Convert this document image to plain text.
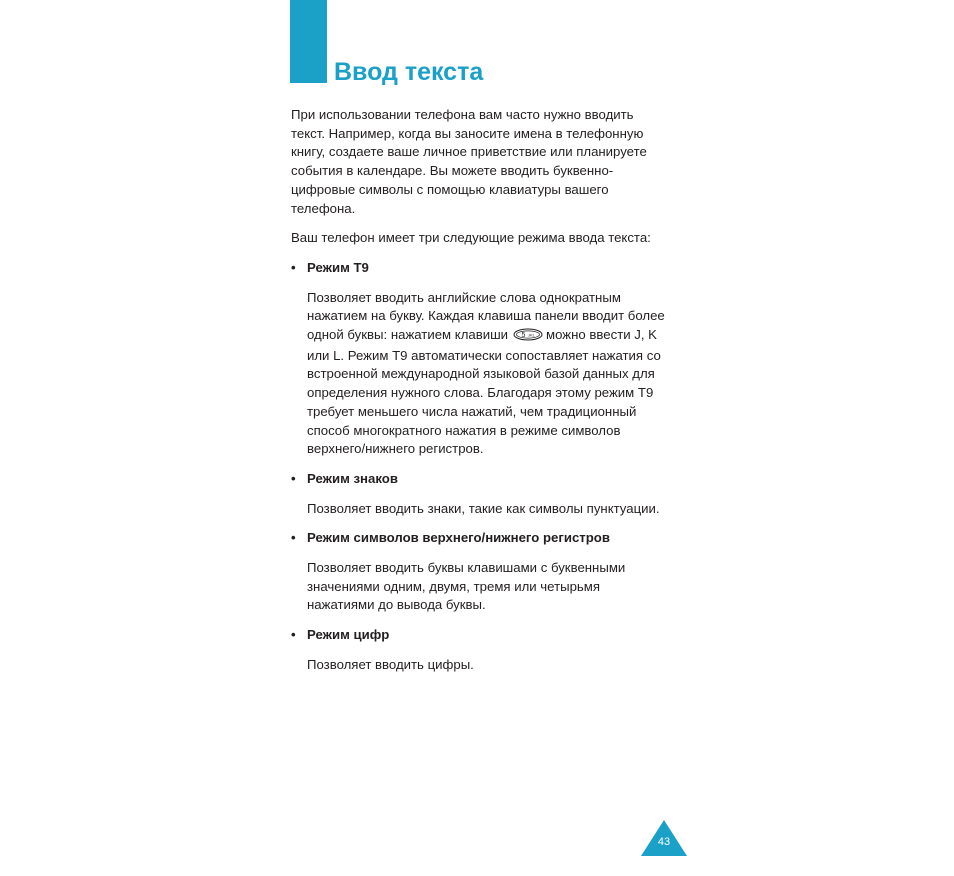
Ввод текста

При использовании телефона вам часто нужно вводить текст. Например, когда вы заносите имена в телефонную книгу, создаете ваше личное приветствие или планируете события в календаре. Вы можете вводить буквенно-цифровые символы с помощью клавиатуры вашего телефона.

Ваш телефон имеет три следующие режима ввода текста:

• Режим T9

Позволяет вводить английские слова однократным нажатием на букву. Каждая клавиша панели вводит более одной буквы: нажатием клавиши 5 JKL можно ввести J, K или L. Режим T9 автоматически сопоставляет нажатия со встроенной международной языковой базой данных для определения нужного слова. Благодаря этому режим T9 требует меньшего числа нажатий, чем традиционный способ многократного нажатия в режиме символов верхнего/нижнего регистров.

• Режим знаков

Позволяет вводить знаки, такие как символы пунктуации.

• Режим символов верхнего/нижнего регистров

Позволяет вводить буквы клавишами с буквенными значениями одним, двумя, тремя или четырьмя нажатиями до вывода буквы.

• Режим цифр

Позволяет вводить цифры.

43
